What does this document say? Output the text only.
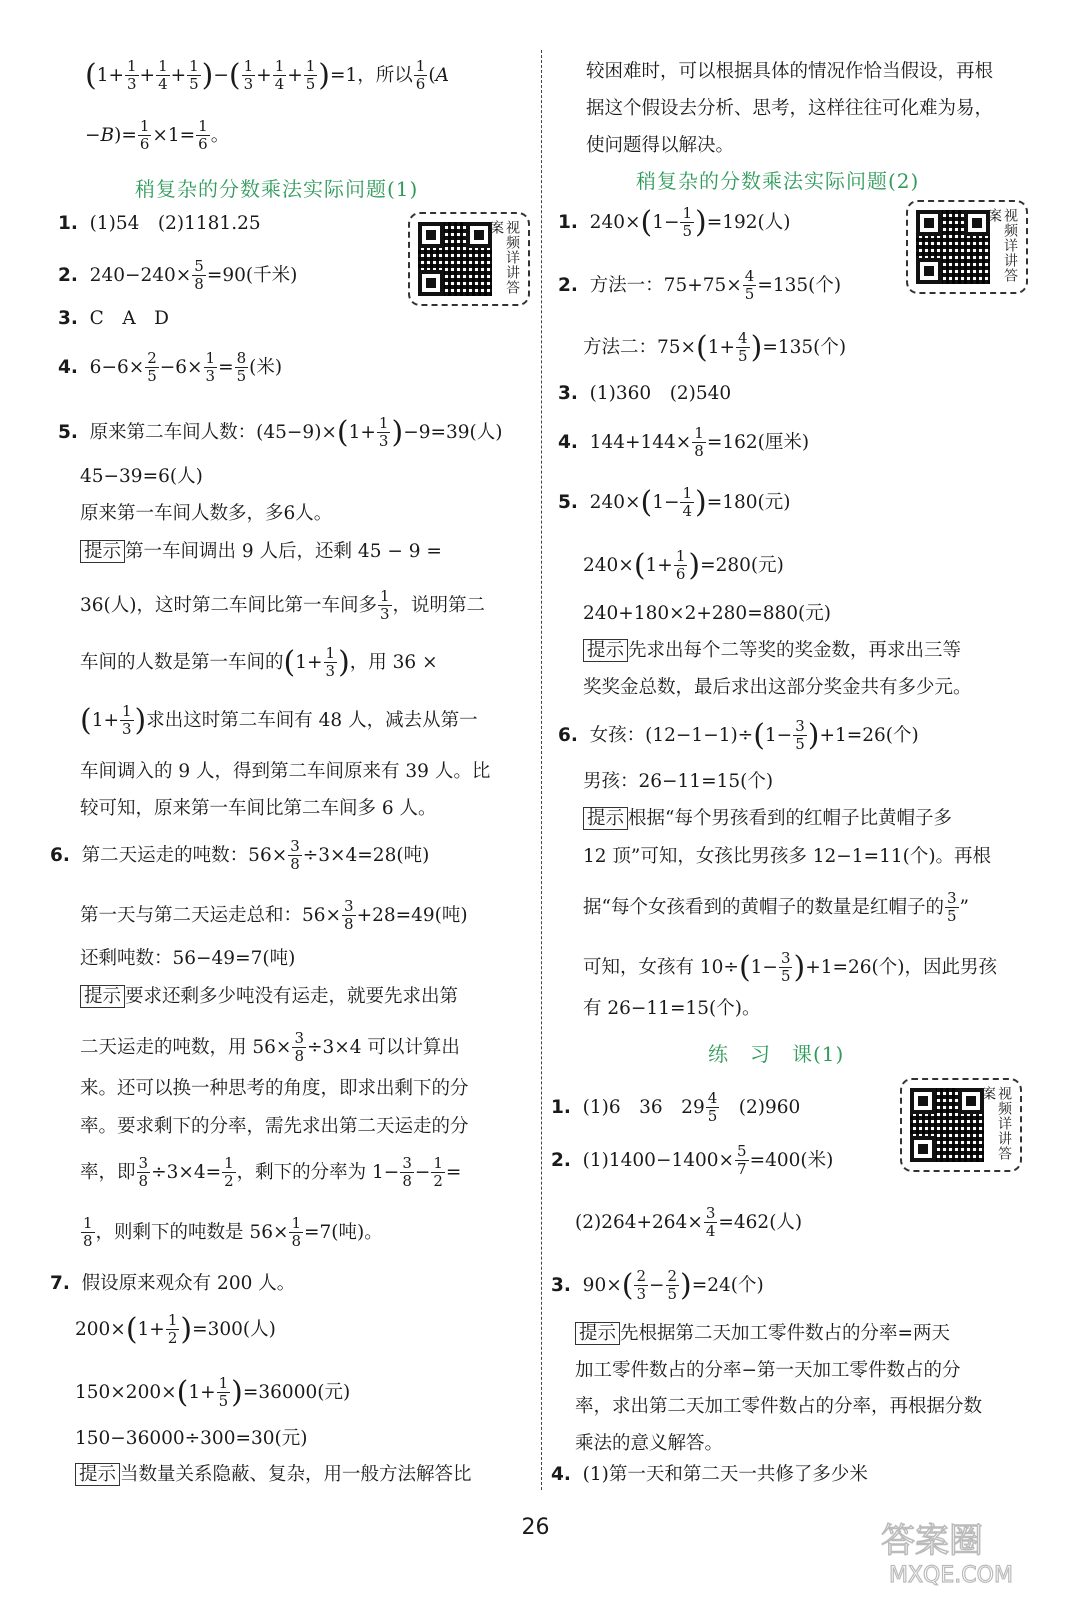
($1+ \frac{1}{3} + \frac{1}{4} + \frac{1}{5}$ )−( $\frac{1}{3} + \frac{1}{4} + \frac{1}{5} )=1$，所以 $\frac{1}{6} (A$
$-B)= \frac{1}{6} \times 1= \frac{1}{6}$ 。
稍复杂的分数乘法实际问题(1)
视频详讲答案
1. (1)54　(2)1181.25
2.  $240-240\times \frac{5}{8} =90$(千米)
3. C　A　D
4.  $6-6\times \frac{2}{5} -6\times \frac{1}{3} = \frac{8}{5}$ (米)
5.  原来第二车间人数：$(45-9)\times(1+ \frac{1}{3} )-9=39$(人)
45−39=6(人)
原来第一车间人数多，多6人。
提示 第一车间调出 9 人后，还剩 45 − 9 =
36(人)，这时第二车间比第一车间多 $\frac{1}{3}$ ，说明第二
车间的人数是第一车间的($1+ \frac{1}{3}$ )，用 36 ×
($1+ \frac{1}{3}$ )求出这时第二车间有 48 人，减去从第一
车间调入的 9 人，得到第二车间原来有 39 人。比
较可知，原来第一车间比第二车间多 6 人。
6.  第二天运走的吨数：$56\times \frac{3}{8} \div 3\times 4=28$(吨)
第一天与第二天运走总和：$56\times \frac{3}{8} +28=49$(吨)
还剩吨数：56−49=7(吨)
提示 要求还剩多少吨没有运走，就要先求出第
二天运走的吨数，用 $56\times \frac{3}{8} \div 3\times 4$ 可以计算出
来。还可以换一种思考的角度，即求出剩下的分
率。要求剩下的分率，需先求出第二天运走的分
率，即 $\frac{3}{8} \div 3\times 4= \frac{1}{2}$ ，剩下的分率为 $1- \frac{3}{8} - \frac{1}{2}$ =
$\frac{1}{8}$ ，则剩下的吨数是 $56\times \frac{1}{8} =7$(吨)。
7. 假设原来观众有 200 人。
$200\times(1+ \frac{1}{2} )=300$(人)
$150\times 200\times(1+ \frac{1}{5} )=36000$(元)
150−36000÷300=30(元)
提示 当数量关系隐蔽、复杂，用一般方法解答比
较困难时，可以根据具体的情况作恰当假设，再根
据这个假设去分析、思考，这样往往可化难为易，
使问题得以解决。
稍复杂的分数乘法实际问题(2)
视频详讲答案
1.  $240\times(1- \frac{1}{5} )=192$(人)
2.  方法一：$75+75\times \frac{4}{5} =135$(个)
方法二：$75\times(1+ \frac{4}{5} )=135$(个)
3. (1)360　(2)540
4.  $144+144\times \frac{1}{8} =162$(厘米)
5.  $240\times(1- \frac{1}{4} )=180$(元)
$240\times(1+ \frac{1}{6} )=280$(元)
240+180×2+280=880(元)
提示 先求出每个二等奖的奖金数，再求出三等
奖奖金总数，最后求出这部分奖金共有多少元。
6.  女孩：$(12-1-1)\div(1- \frac{3}{5} )+1=26$(个)
男孩：26−11=15(个)
提示 根据“每个男孩看到的红帽子比黄帽子多
12 顶”可知，女孩比男孩多 12−1=11(个)。再根
据“每个女孩看到的黄帽子的数量是红帽子的 $\frac{3}{5}$ ”
可知，女孩有 $10\div(1- \frac{3}{5} )+1=26$(个)，因此男孩
有 26−11=15(个)。
练　习　课(1)
视频详讲答案
1.  (1)6　36　$29 \frac{4}{5}$ 　(2)960
2.  $(1)1400-1400\times \frac{5}{7} =400$(米)
$(2)264+264\times \frac{3}{4} =462$(人)
3.  $90\times( \frac{2}{3} - \frac{2}{5} )=24$(个)
提示 先根据第二天加工零件数占的分率=两天
加工零件数占的分率−第一天加工零件数占的分
率，求出第二天加工零件数占的分率，再根据分数
乘法的意义解答。
4. (1)第一天和第二天一共修了多少米
26	答案圈
MXQE.COM
